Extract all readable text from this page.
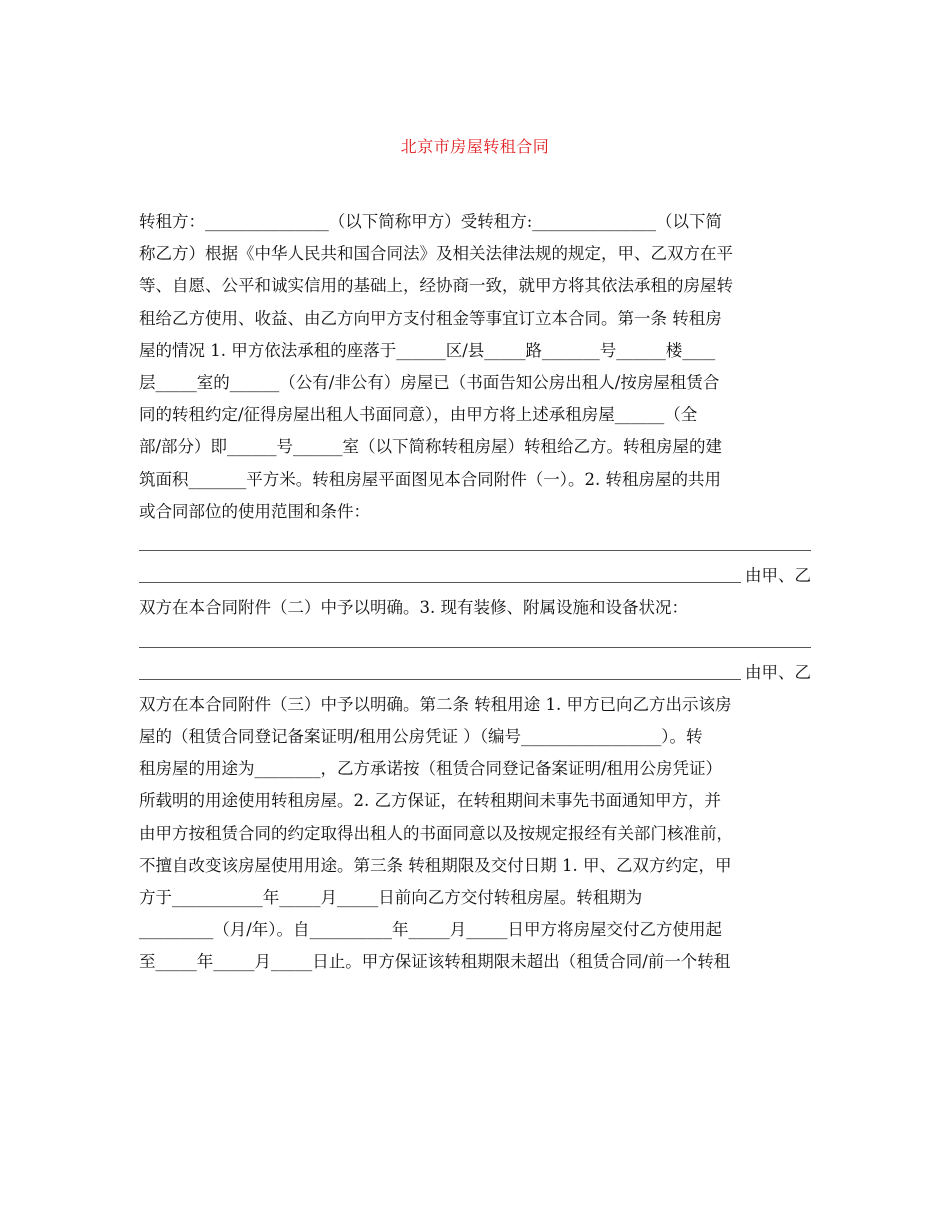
北京市房屋转租合同
转租方：_______________（以下简称甲方）受转租方:_______________（以下简
称乙方）根据《中华人民共和国合同法》及相关法律法规的规定，甲、乙双方在平
等、自愿、公平和诚实信用的基础上，经协商一致，就甲方将其依法承租的房屋转
租给乙方使用、收益、由乙方向甲方支付租金等事宜订立本合同。第一条 转租房
屋的情况 1. 甲方依法承租的座落于______区/县_____路_______号______楼____
层_____室的______（公有/非公有）房屋已（书面告知公房出租人/按房屋租赁合
同的转租约定/征得房屋出租人书面同意），由甲方将上述承租房屋______（全
部/部分）即______号______室（以下简称转租房屋）转租给乙方。转租房屋的建
筑面积_______平方米。转租房屋平面图见本合同附件（一）。2. 转租房屋的共用
或合同部位的使用范围和条件：
由甲、乙
双方在本合同附件（二）中予以明确。3. 现有装修、附属设施和设备状况：
由甲、乙
双方在本合同附件（三）中予以明确。第二条 转租用途 1. 甲方已向乙方出示该房
屋的（租赁合同登记备案证明/租用公房凭证 ）（编号_________________）。转
租房屋的用途为________，乙方承诺按（租赁合同登记备案证明/租用公房凭证）
所载明的用途使用转租房屋。2. 乙方保证，在转租期间未事先书面通知甲方，并
由甲方按租赁合同的约定取得出租人的书面同意以及按规定报经有关部门核准前，
不擅自改变该房屋使用用途。第三条 转租期限及交付日期 1. 甲、乙双方约定，甲
方于___________年_____月_____日前向乙方交付转租房屋。转租期为
_________（月/年）。自__________年_____月_____日甲方将房屋交付乙方使用起
至_____年_____月_____日止。甲方保证该转租期限未超出（租赁合同/前一个转租
